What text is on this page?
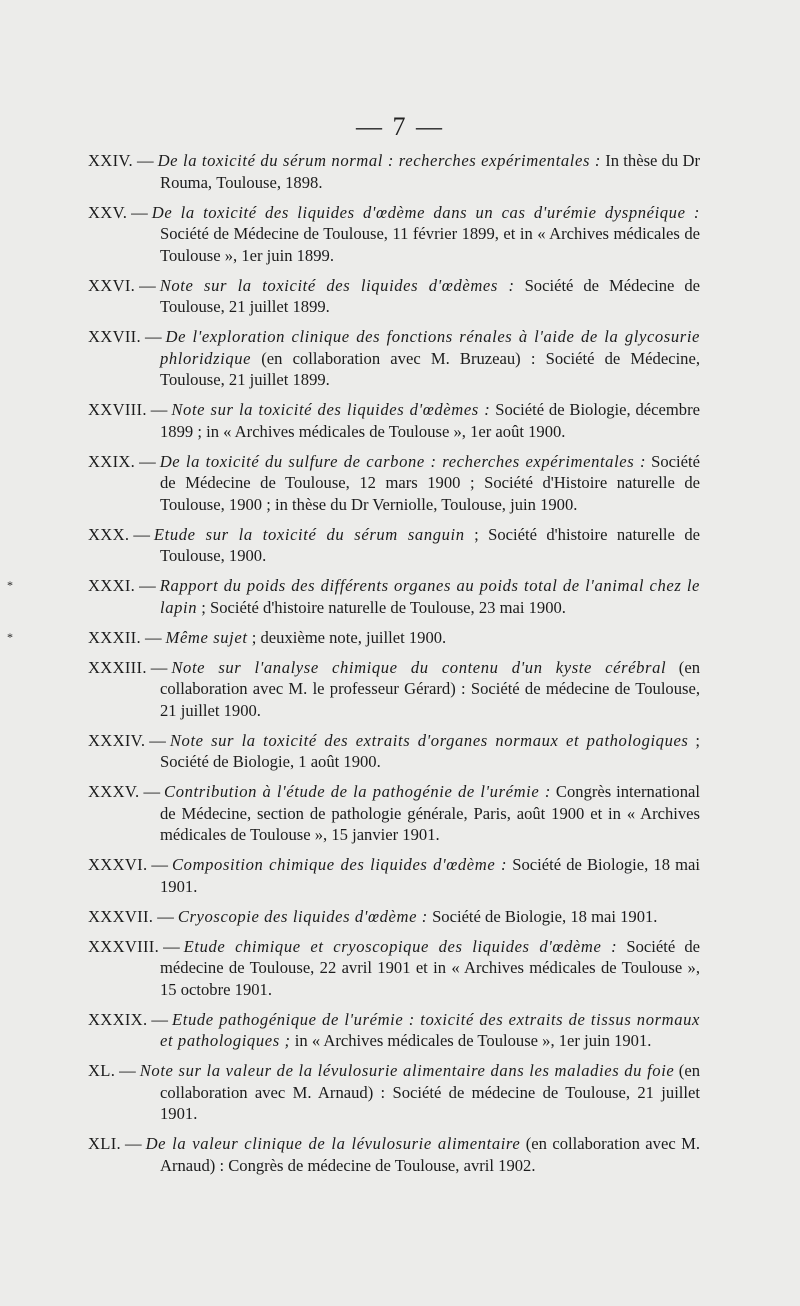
— 7 —

XXIV. — De la toxicité du sérum normal : recherches expérimentales : In thèse du Dr Roumа, Toulouse, 1898.

XXV. — De la toxicité des liquides d'œdème dans un cas d'urémie dyspnéique : Société de Médecine de Toulouse, 11 février 1899, et in « Archives médicales de Toulouse », 1er juin 1899.

XXVI. — Note sur la toxicité des liquides d'œdèmes : Société de Médecine de Toulouse, 21 juillet 1899.

XXVII. — De l'exploration clinique des fonctions rénales à l'aide de la glycosurie phloridzique (en collaboration avec M. Bruzeau) : Société de Médecine, Toulouse, 21 juillet 1899.

XXVIII. — Note sur la toxicité des liquides d'œdèmes : Société de Biologie, décembre 1899 ; in « Archives médicales de Toulouse », 1er août 1900.

XXIX. — De la toxicité du sulfure de carbone : recherches expérimentales : Société de Médecine de Toulouse, 12 mars 1900 ; Société d'Histoire naturelle de Toulouse, 1900 ; in thèse du Dr Verniolle, Toulouse, juin 1900.

XXX. — Etude sur la toxicité du sérum sanguin ; Société d'histoire naturelle de Toulouse, 1900.

*	XXXI. — Rapport du poids des différents organes au poids total de l'animal chez le lapin ; Société d'histoire naturelle de Toulouse, 23 mai 1900.

*	XXXII. — Même sujet ; deuxième note, juillet 1900.

XXXIII. — Note sur l'analyse chimique du contenu d'un kyste cérébral (en collaboration avec M. le professeur Gérard) : Société de médecine de Toulouse, 21 juillet 1900.

XXXIV. — Note sur la toxicité des extraits d'organes normaux et pathologiques ; Société de Biologie, 1 août 1900.

XXXV. — Contribution à l'étude de la pathogénie de l'urémie : Congrès international de Médecine, section de pathologie générale, Paris, août 1900 et in « Archives médicales de Toulouse », 15 janvier 1901.

XXXVI. — Composition chimique des liquides d'œdème : Société de Biologie, 18 mai 1901.

XXXVII. — Cryoscopie des liquides d'œdème : Société de Biologie, 18 mai 1901.

XXXVIII. — Etude chimique et cryoscopique des liquides d'œdème : Société de médecine de Toulouse, 22 avril 1901 et in « Archives médicales de Toulouse », 15 octobre 1901.

XXXIX. — Etude pathogénique de l'urémie : toxicité des extraits de tissus normaux et pathologiques ; in « Archives médicales de Toulouse », 1er juin 1901.

XL. — Note sur la valeur de la lévulosurie alimentaire dans les maladies du foie (en collaboration avec M. Arnaud) : Société de médecine de Toulouse, 21 juillet 1901.

XLI. — De la valeur clinique de la lévulosurie alimentaire (en collaboration avec M. Arnaud) : Congrès de médecine de Toulouse, avril 1902.
